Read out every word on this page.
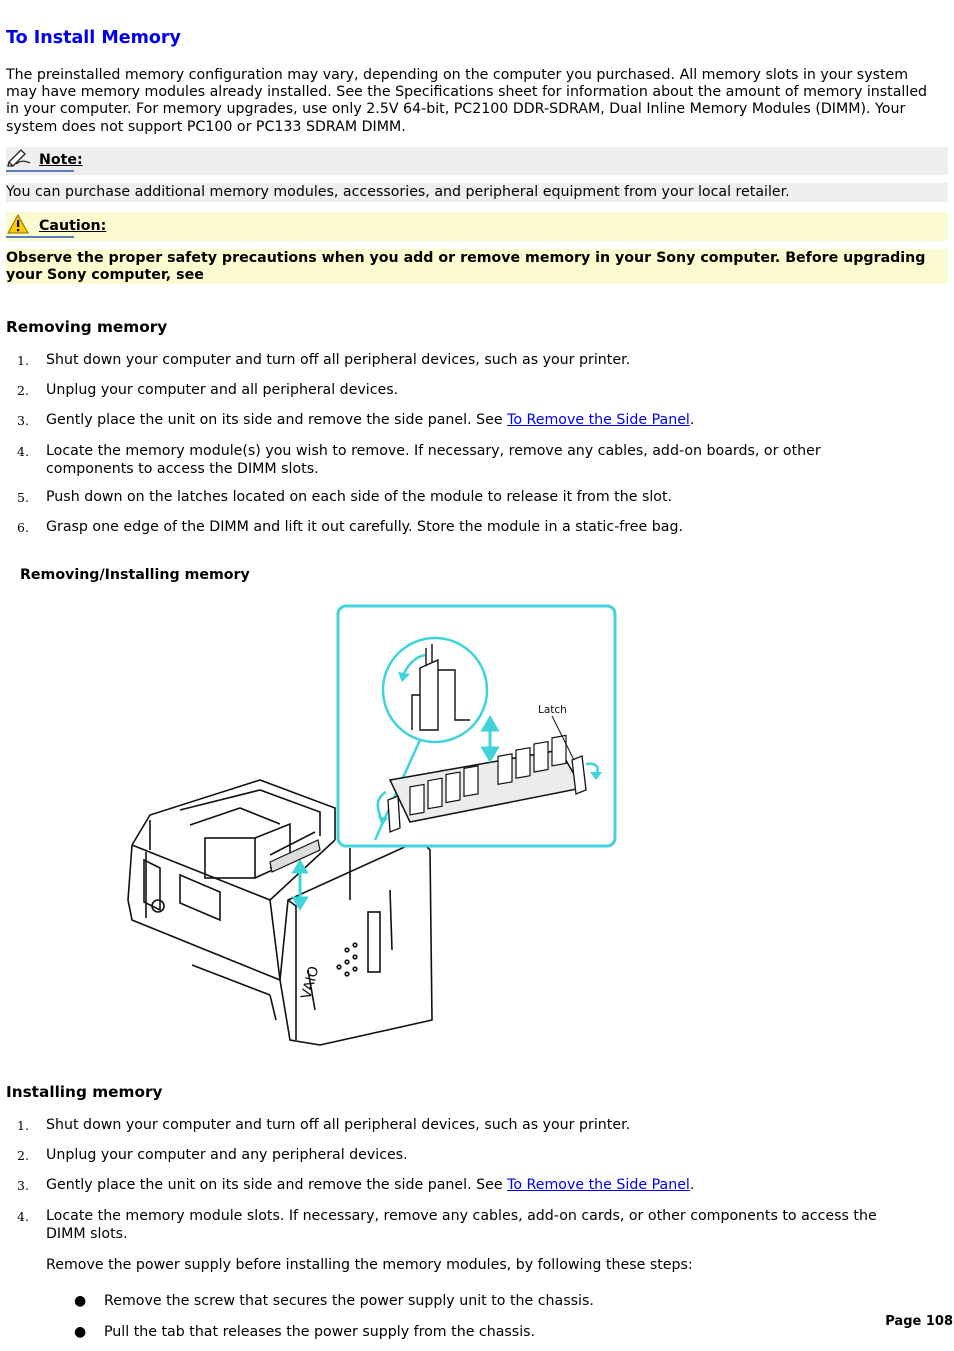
To Install Memory

The preinstalled memory configuration may vary, depending on the computer you purchased. All memory slots in your system may have memory modules already installed. See the Specifications sheet for information about the amount of memory installed in your computer. For memory upgrades, use only 2.5V 64-bit, PC2100 DDR-SDRAM, Dual Inline Memory Modules (DIMM). Your system does not support PC100 or PC133 SDRAM DIMM.

Note:
You can purchase additional memory modules, accessories, and peripheral equipment from your local retailer.
Caution:
Observe the proper safety precautions when you add or remove memory in your Sony computer. Before upgrading your Sony computer, see
Removing memory
1. Shut down your computer and turn off all peripheral devices, such as your printer.
2. Unplug your computer and all peripheral devices.
3. Gently place the unit on its side and remove the side panel. See To Remove the Side Panel.
4. Locate the memory module(s) you wish to remove. If necessary, remove any cables, add-on boards, or other components to access the DIMM slots.
5. Push down on the latches located on each side of the module to release it from the slot.
6. Grasp one edge of the DIMM and lift it out carefully. Store the module in a static-free bag.
Removing/Installing memory
VAIO
Latch
Installing memory
1. Shut down your computer and turn off all peripheral devices, such as your printer.
2. Unplug your computer and any peripheral devices.
3. Gently place the unit on its side and remove the side panel. See To Remove the Side Panel.
4. Locate the memory module slots. If necessary, remove any cables, add-on cards, or other components to access the DIMM slots.
Remove the power supply before installing the memory modules, by following these steps:
● Remove the screw that secures the power supply unit to the chassis.
● Pull the tab that releases the power supply from the chassis.
Page 108
